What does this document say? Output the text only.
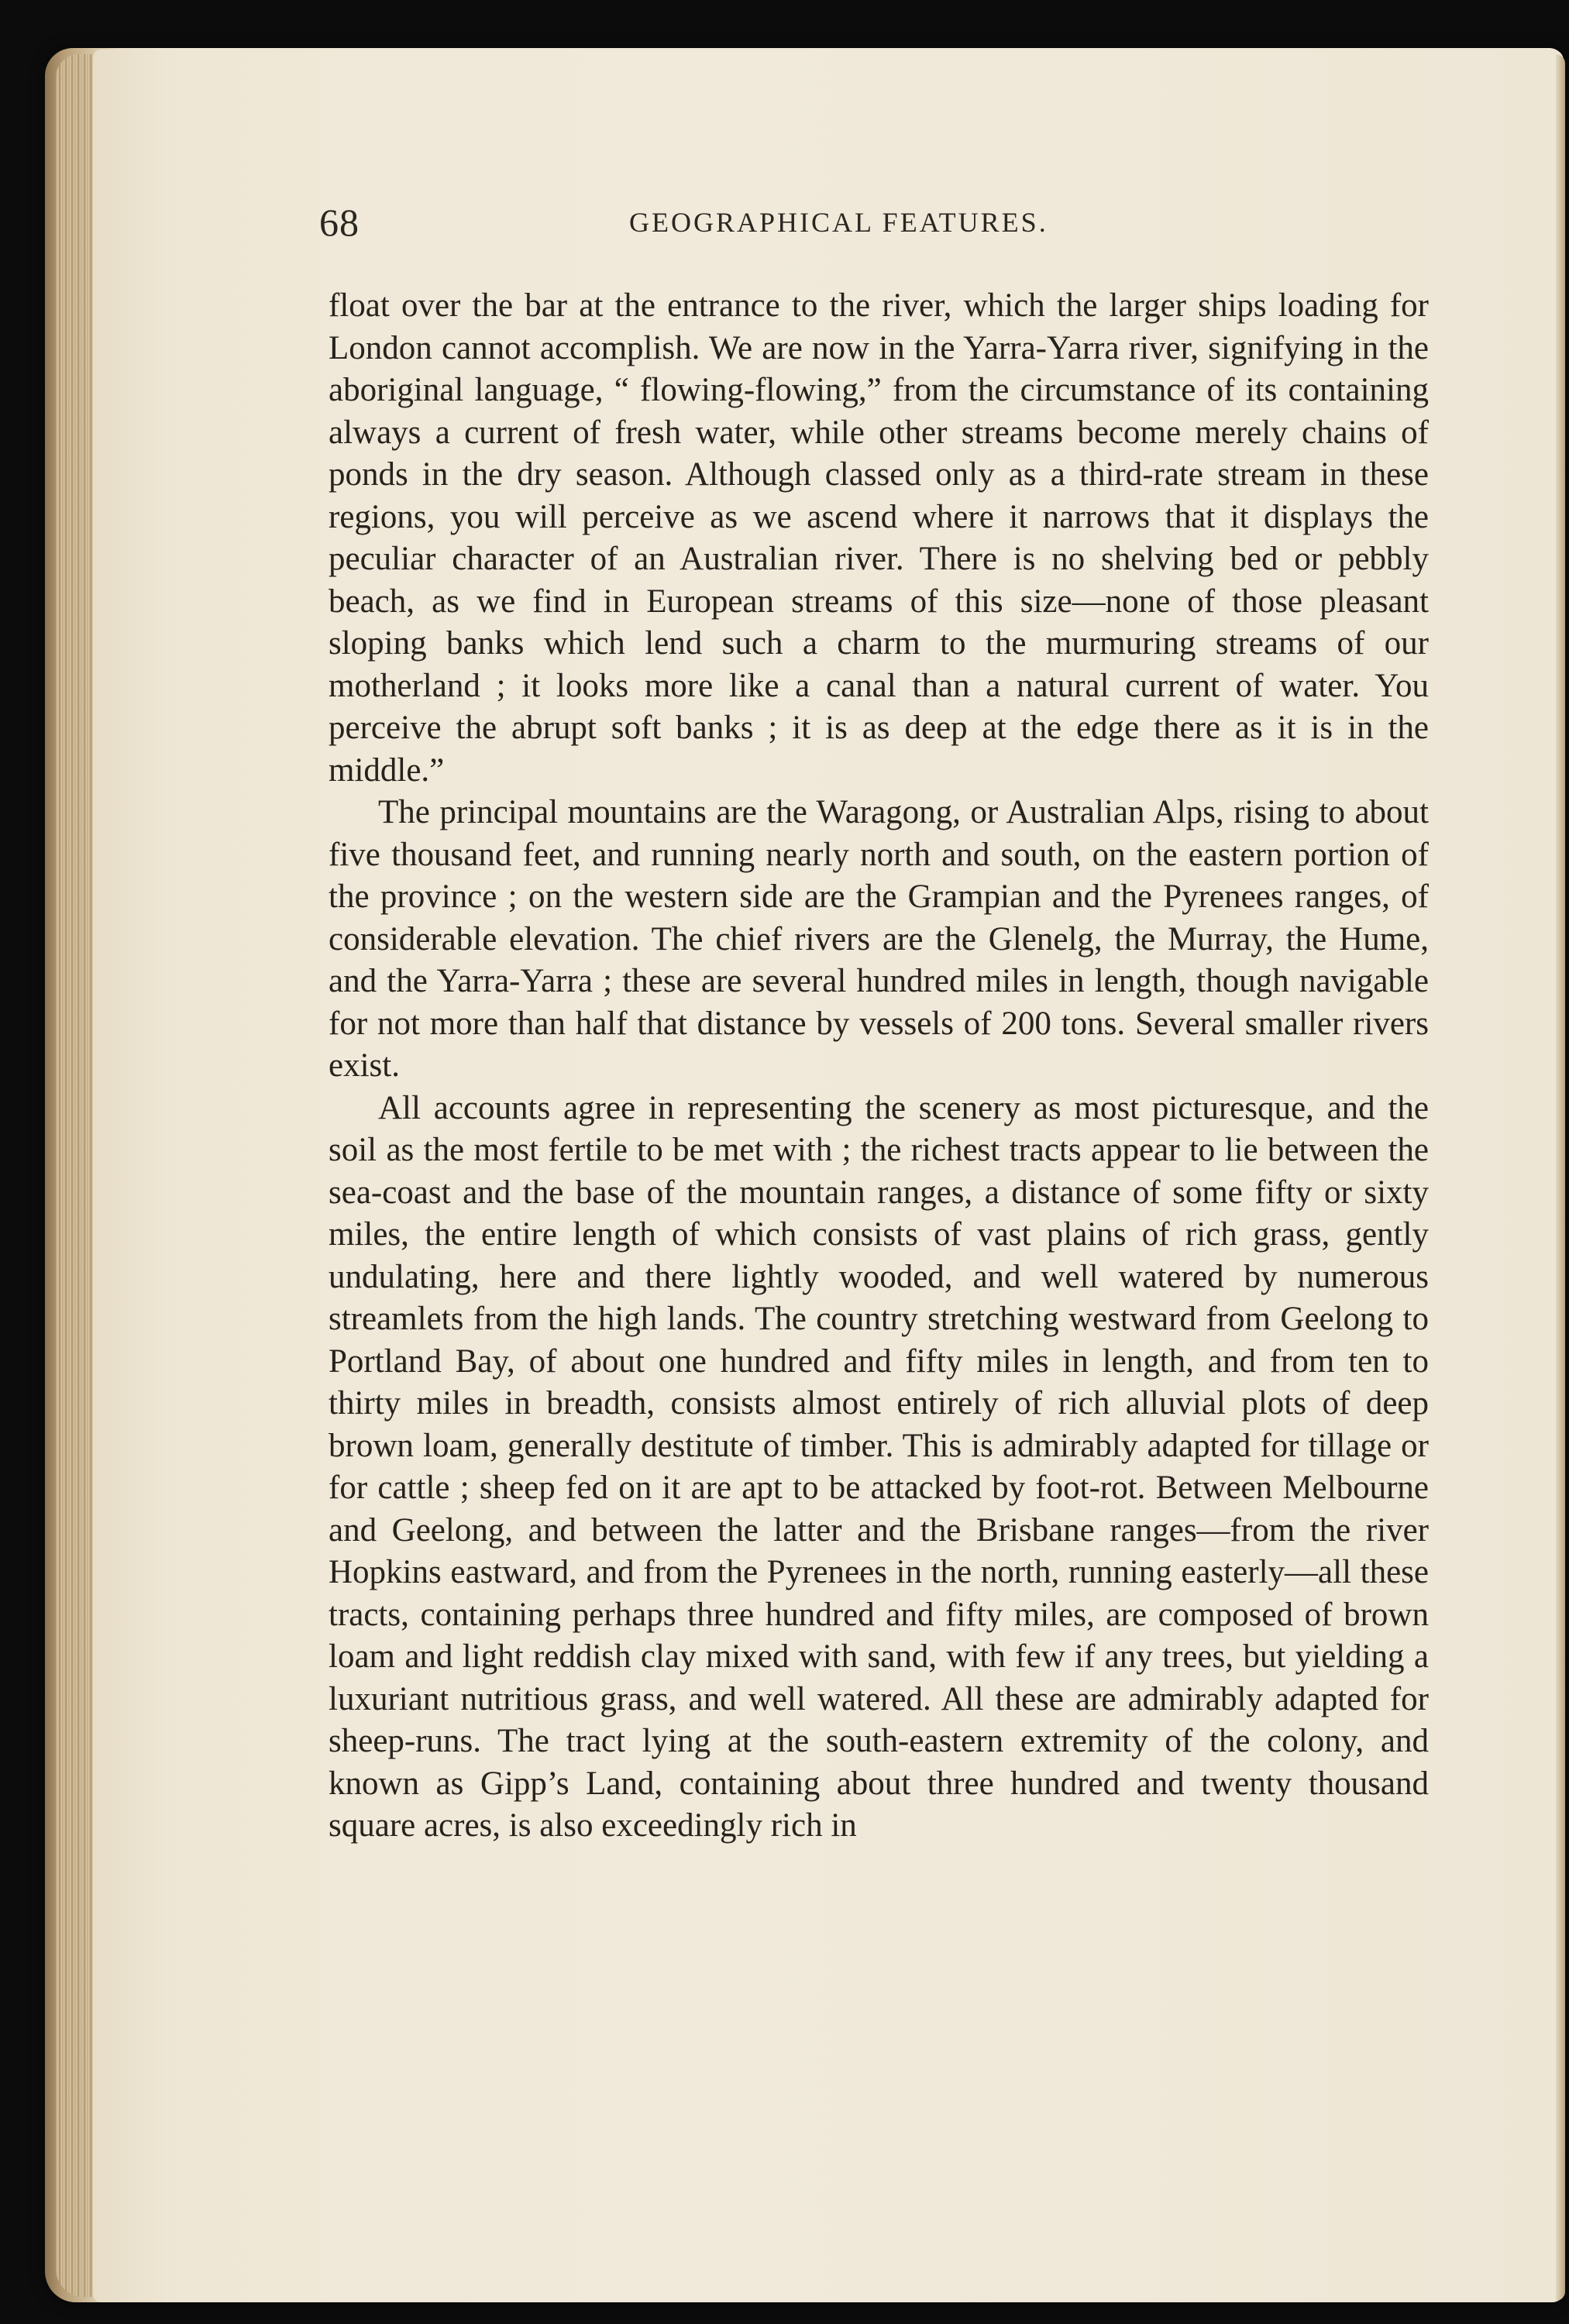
68	GEOGRAPHICAL FEATURES.

float over the bar at the entrance to the river, which the larger ships loading for London cannot accomplish. We are now in the Yarra-Yarra river, signifying in the aboriginal language, “ flowing-flowing,” from the circumstance of its containing always a current of fresh water, while other streams become merely chains of ponds in the dry season. Although classed only as a third-rate stream in these regions, you will perceive as we ascend where it narrows that it displays the peculiar character of an Australian river. There is no shelving bed or pebbly beach, as we find in European streams of this size—none of those pleasant sloping banks which lend such a charm to the murmuring streams of our motherland ; it looks more like a canal than a natural current of water. You perceive the abrupt soft banks ; it is as deep at the edge there as it is in the middle.”

The principal mountains are the Waragong, or Australian Alps, rising to about five thousand feet, and running nearly north and south, on the eastern portion of the province ; on the western side are the Grampian and the Pyrenees ranges, of considerable elevation. The chief rivers are the Glenelg, the Murray, the Hume, and the Yarra-Yarra ; these are several hundred miles in length, though navigable for not more than half that distance by vessels of 200 tons. Several smaller rivers exist.

All accounts agree in representing the scenery as most picturesque, and the soil as the most fertile to be met with ; the richest tracts appear to lie between the sea-coast and the base of the mountain ranges, a distance of some fifty or sixty miles, the entire length of which consists of vast plains of rich grass, gently undulating, here and there lightly wooded, and well watered by numerous streamlets from the high lands. The country stretching westward from Geelong to Portland Bay, of about one hundred and fifty miles in length, and from ten to thirty miles in breadth, consists almost entirely of rich alluvial plots of deep brown loam, generally destitute of timber. This is admirably adapted for tillage or for cattle ; sheep fed on it are apt to be attacked by foot-rot. Between Melbourne and Geelong, and between the latter and the Brisbane ranges—from the river Hopkins eastward, and from the Pyrenees in the north, running easterly—all these tracts, containing perhaps three hundred and fifty miles, are composed of brown loam and light reddish clay mixed with sand, with few if any trees, but yielding a luxuriant nutritious grass, and well watered. All these are admirably adapted for sheep-runs. The tract lying at the south-eastern extremity of the colony, and known as Gipp’s Land, containing about three hundred and twenty thousand square acres, is also exceedingly rich in
